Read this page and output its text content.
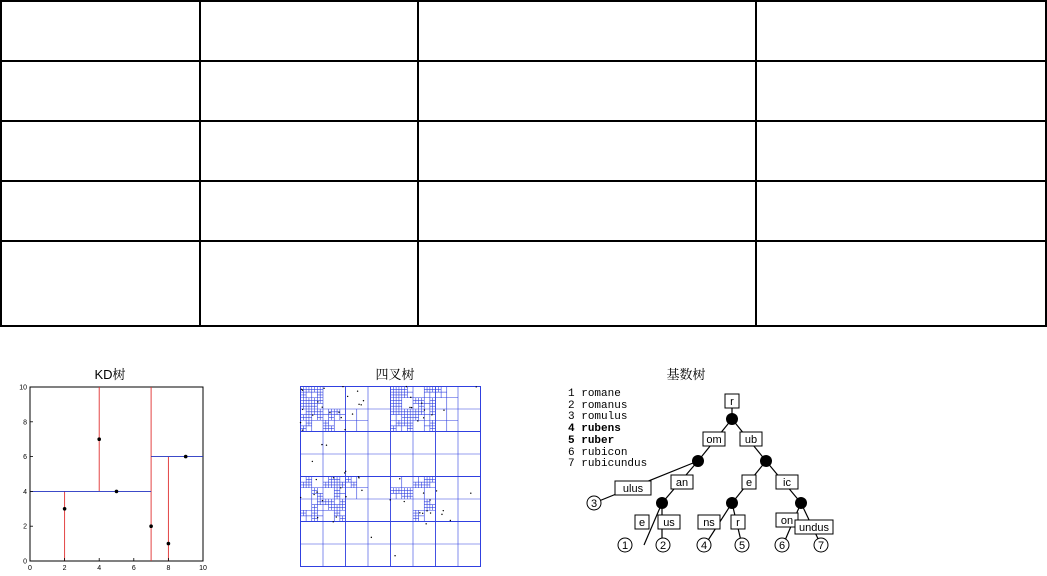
KD树
0	2	4	6	8	10
0
2
4
6
8
10
四叉树	基数树
1 romane
2 romanus
3 romulus
4 rubens
5 ruber
6 rubicon
7 rubicundus
r
om ub
ulus	an	e	ic
e us	ns r	on
undus
3
1	2	4	5	6	7
